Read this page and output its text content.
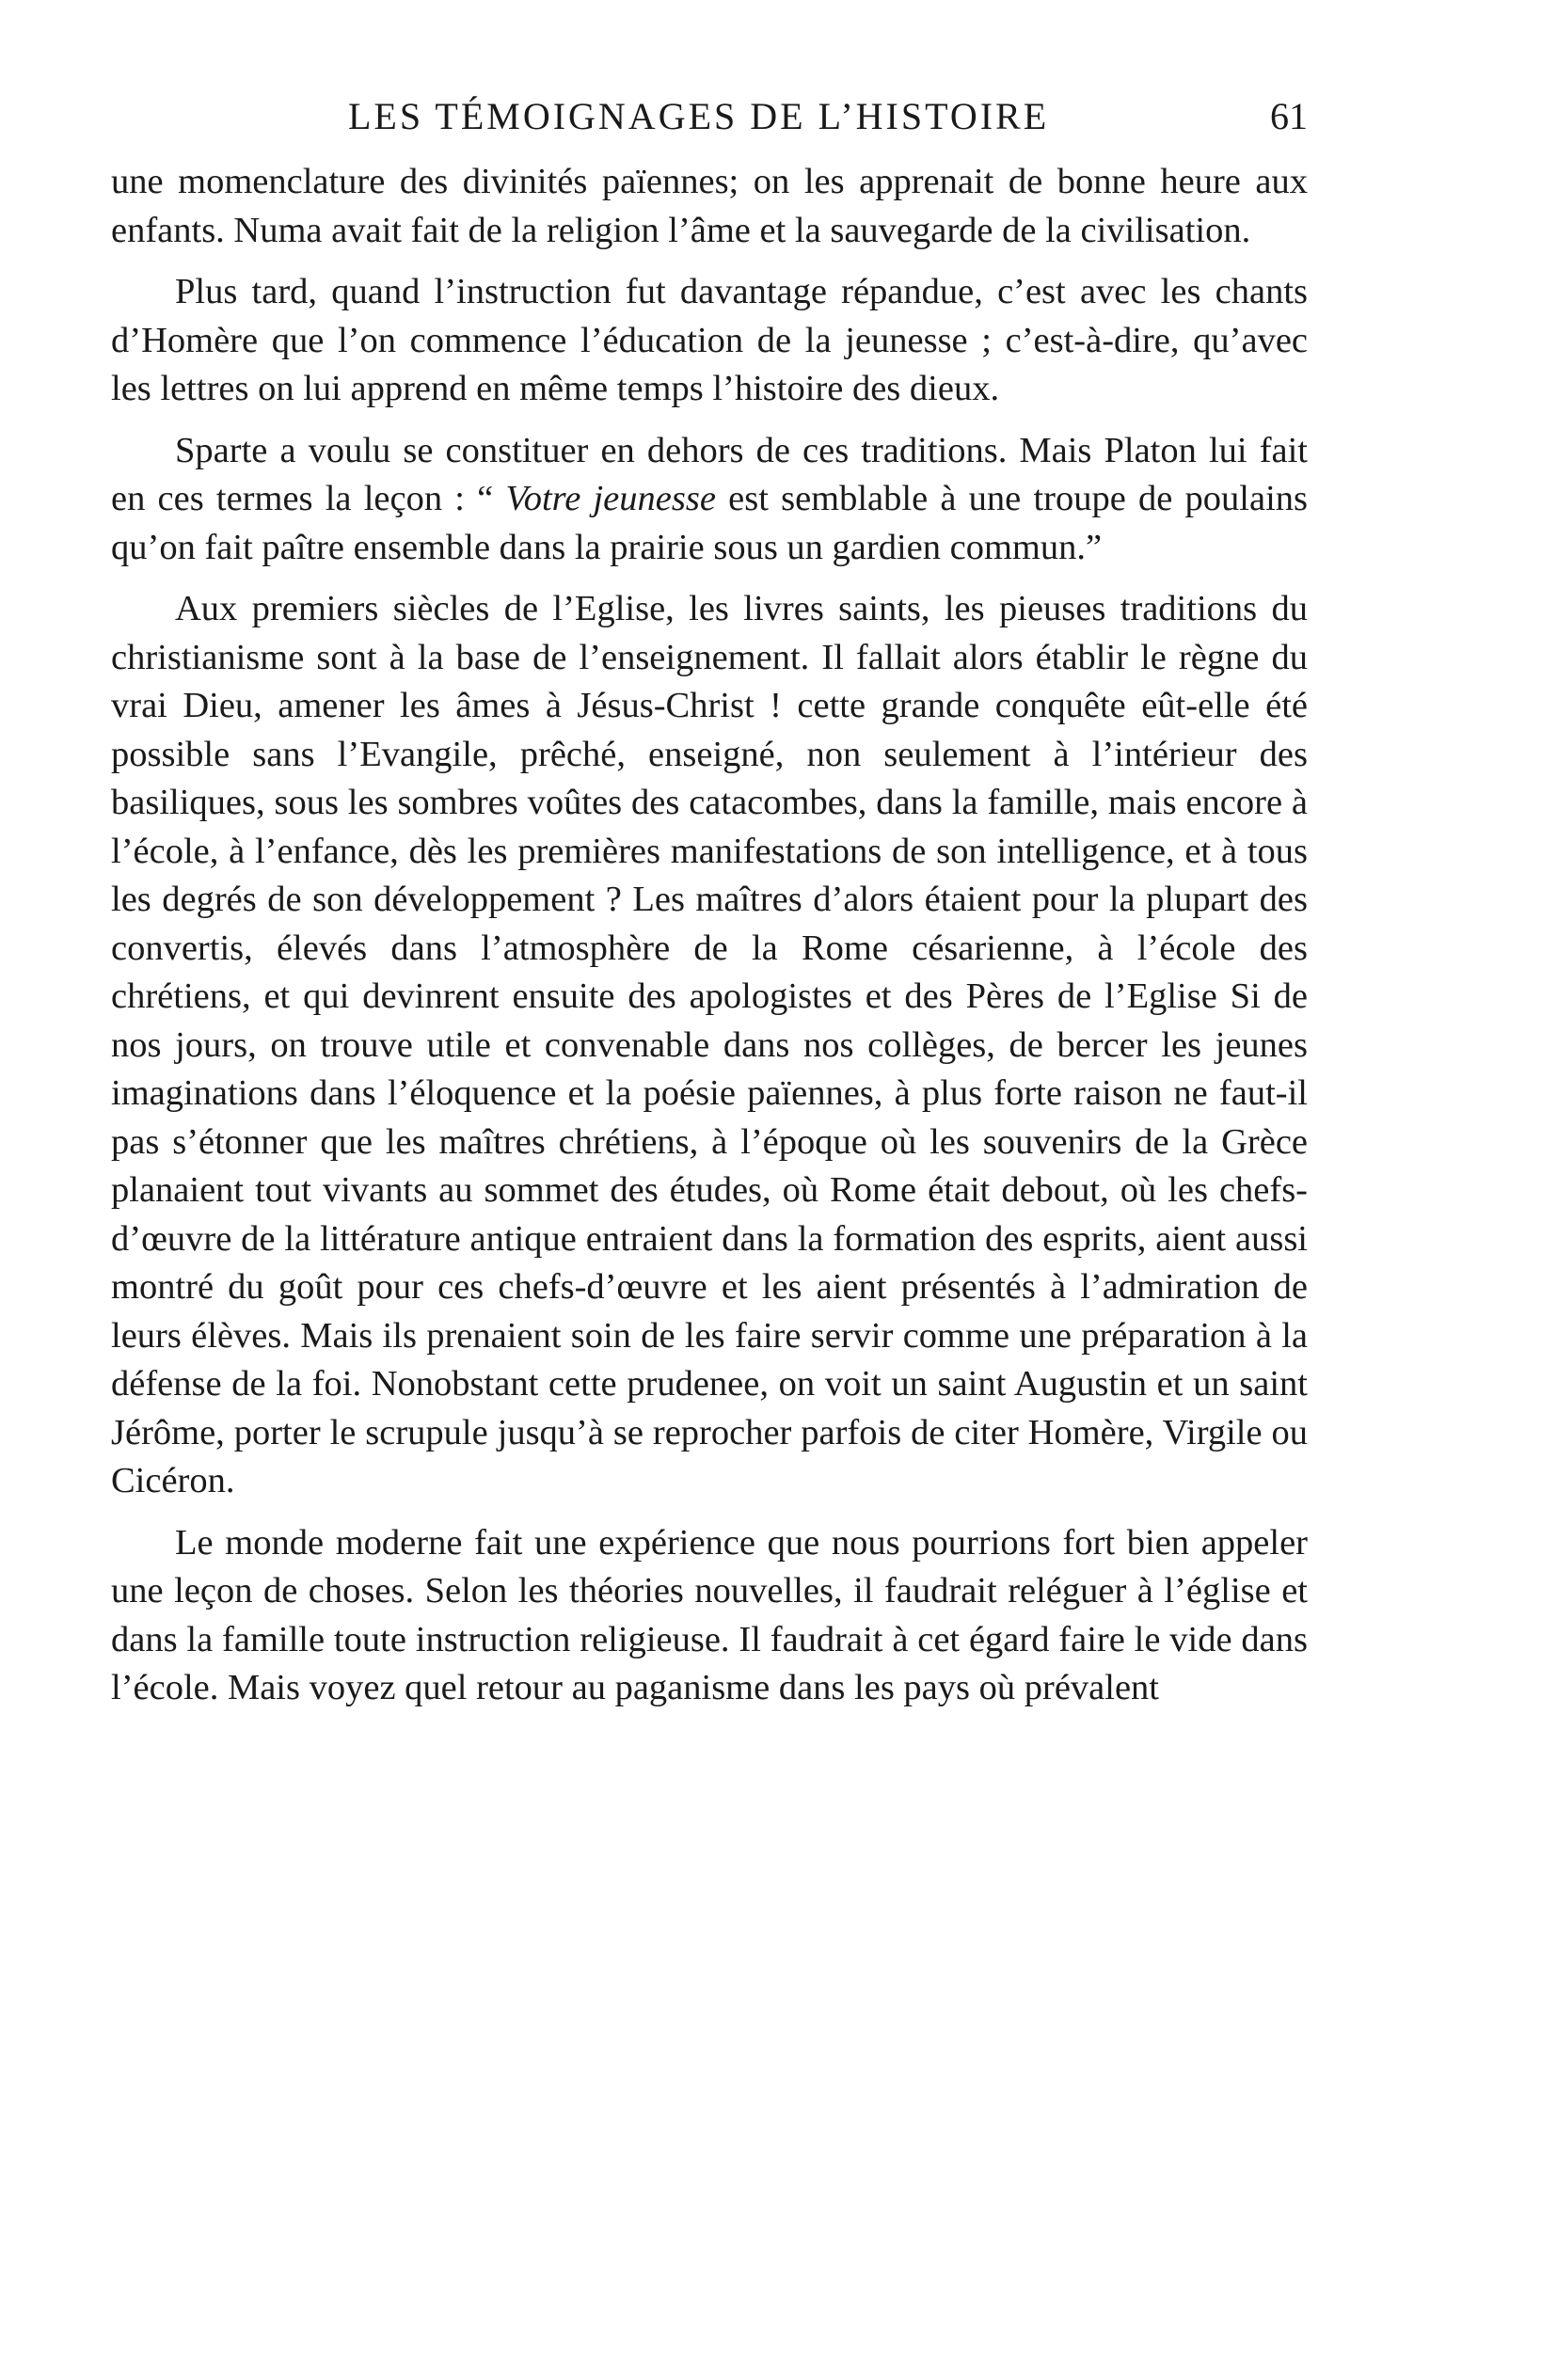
LES TÉMOIGNAGES DE L’HISTOIRE	61

une momenclature des divinités païennes; on les apprenait de bonne heure aux enfants. Numa avait fait de la religion l’âme et la sauvegarde de la civilisation.

Plus tard, quand l’instruction fut davantage répandue, c’est avec les chants d’Homère que l’on commence l’éducation de la jeunesse ; c’est-à-dire, qu’avec les lettres on lui apprend en même temps l’histoire des dieux.

Sparte a voulu se constituer en dehors de ces traditions. Mais Platon lui fait en ces termes la leçon : “ Votre jeunesse est semblable à une troupe de poulains qu’on fait paître ensemble dans la prairie sous un gardien commun.”

Aux premiers siècles de l’Eglise, les livres saints, les pieuses traditions du christianisme sont à la base de l’enseignement. Il fallait alors établir le règne du vrai Dieu, amener les âmes à Jésus-Christ ! cette grande conquête eût-elle été possible sans l’Evangile, prêché, enseigné, non seulement à l’intérieur des basiliques, sous les sombres voûtes des catacombes, dans la famille, mais encore à l’école, à l’enfance, dès les premières manifestations de son intelligence, et à tous les degrés de son développement ? Les maîtres d’alors étaient pour la plupart des convertis, élevés dans l’atmosphère de la Rome césarienne, à l’école des chrétiens, et qui devinrent ensuite des apologistes et des Pères de l’Eglise Si de nos jours, on trouve utile et convenable dans nos collèges, de bercer les jeunes imaginations dans l’éloquence et la poésie païennes, à plus forte raison ne faut-il pas s’étonner que les maîtres chrétiens, à l’époque où les souvenirs de la Grèce planaient tout vivants au sommet des études, où Rome était debout, où les chefs-d’œuvre de la littérature antique entraient dans la formation des esprits, aient aussi montré du goût pour ces chefs-d’œuvre et les aient présentés à l’admiration de leurs élèves. Mais ils prenaient soin de les faire servir comme une préparation à la défense de la foi. Nonobstant cette prudenee, on voit un saint Augustin et un saint Jérôme, porter le scrupule jusqu’à se reprocher parfois de citer Homère, Virgile ou Cicéron.

Le monde moderne fait une expérience que nous pourrions fort bien appeler une leçon de choses. Selon les théories nouvelles, il faudrait reléguer à l’église et dans la famille toute instruction religieuse. Il faudrait à cet égard faire le vide dans l’école. Mais voyez quel retour au paganisme dans les pays où prévalent
